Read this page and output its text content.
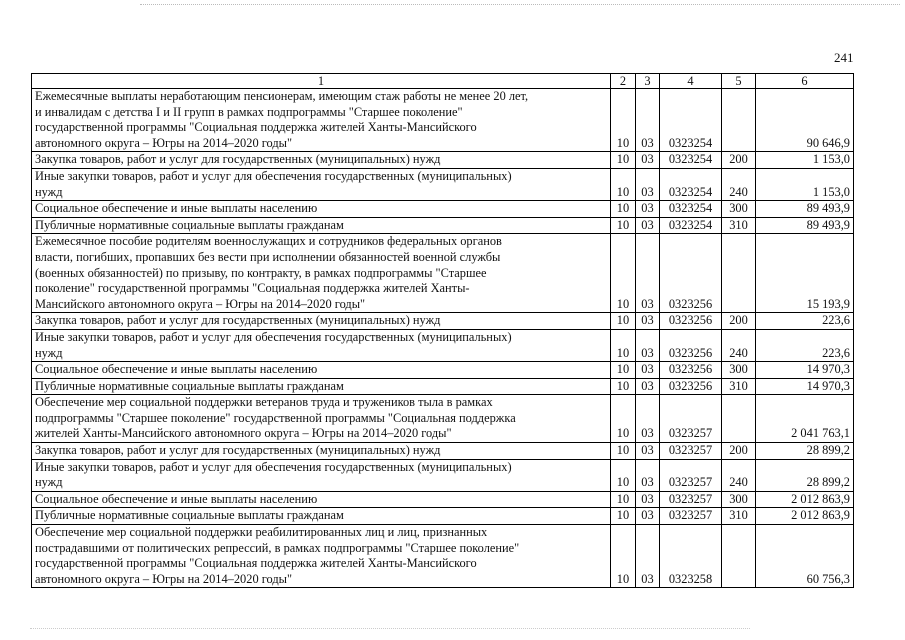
241
1	2	3	4	5	6
Ежемесячные выплаты неработающим пенсионерам, имеющим стаж работы не менее 20 лет,
и инвалидам с детства I и II групп в рамках подпрограммы "Старшее поколение"
государственной программы "Социальная поддержка жителей Ханты-Мансийского
автономного округа – Югры на 2014–2020 годы"	10	03	0323254		90 646,9
Закупка товаров, работ и услуг для государственных (муниципальных) нужд	10	03	0323254	200	1 153,0
Иные закупки товаров, работ и услуг для обеспечения государственных (муниципальных)
нужд	10	03	0323254	240	1 153,0
Социальное обеспечение и иные выплаты населению	10	03	0323254	300	89 493,9
Публичные нормативные социальные выплаты гражданам	10	03	0323254	310	89 493,9
Ежемесячное пособие родителям военнослужащих и сотрудников федеральных органов
власти, погибших, пропавших без вести при исполнении обязанностей военной службы
(военных обязанностей) по призыву, по контракту, в рамках подпрограммы "Старшее
поколение" государственной программы "Социальная поддержка жителей Ханты-
Мансийского автономного округа – Югры на 2014–2020 годы"	10	03	0323256		15 193,9
Закупка товаров, работ и услуг для государственных (муниципальных) нужд	10	03	0323256	200	223,6
Иные закупки товаров, работ и услуг для обеспечения государственных (муниципальных)
нужд	10	03	0323256	240	223,6
Социальное обеспечение и иные выплаты населению	10	03	0323256	300	14 970,3
Публичные нормативные социальные выплаты гражданам	10	03	0323256	310	14 970,3
Обеспечение мер социальной поддержки ветеранов труда и тружеников тыла в рамках
подпрограммы "Старшее поколение" государственной программы "Социальная поддержка
жителей Ханты-Мансийского автономного округа – Югры на 2014–2020 годы"	10	03	0323257		2 041 763,1
Закупка товаров, работ и услуг для государственных (муниципальных) нужд	10	03	0323257	200	28 899,2
Иные закупки товаров, работ и услуг для обеспечения государственных (муниципальных)
нужд	10	03	0323257	240	28 899,2
Социальное обеспечение и иные выплаты населению	10	03	0323257	300	2 012 863,9
Публичные нормативные социальные выплаты гражданам	10	03	0323257	310	2 012 863,9
Обеспечение мер социальной поддержки реабилитированных лиц и лиц, признанных
пострадавшими от политических репрессий, в рамках подпрограммы "Старшее поколение"
государственной программы "Социальная поддержка жителей Ханты-Мансийского
автономного округа – Югры на 2014–2020 годы"	10	03	0323258		60 756,3
